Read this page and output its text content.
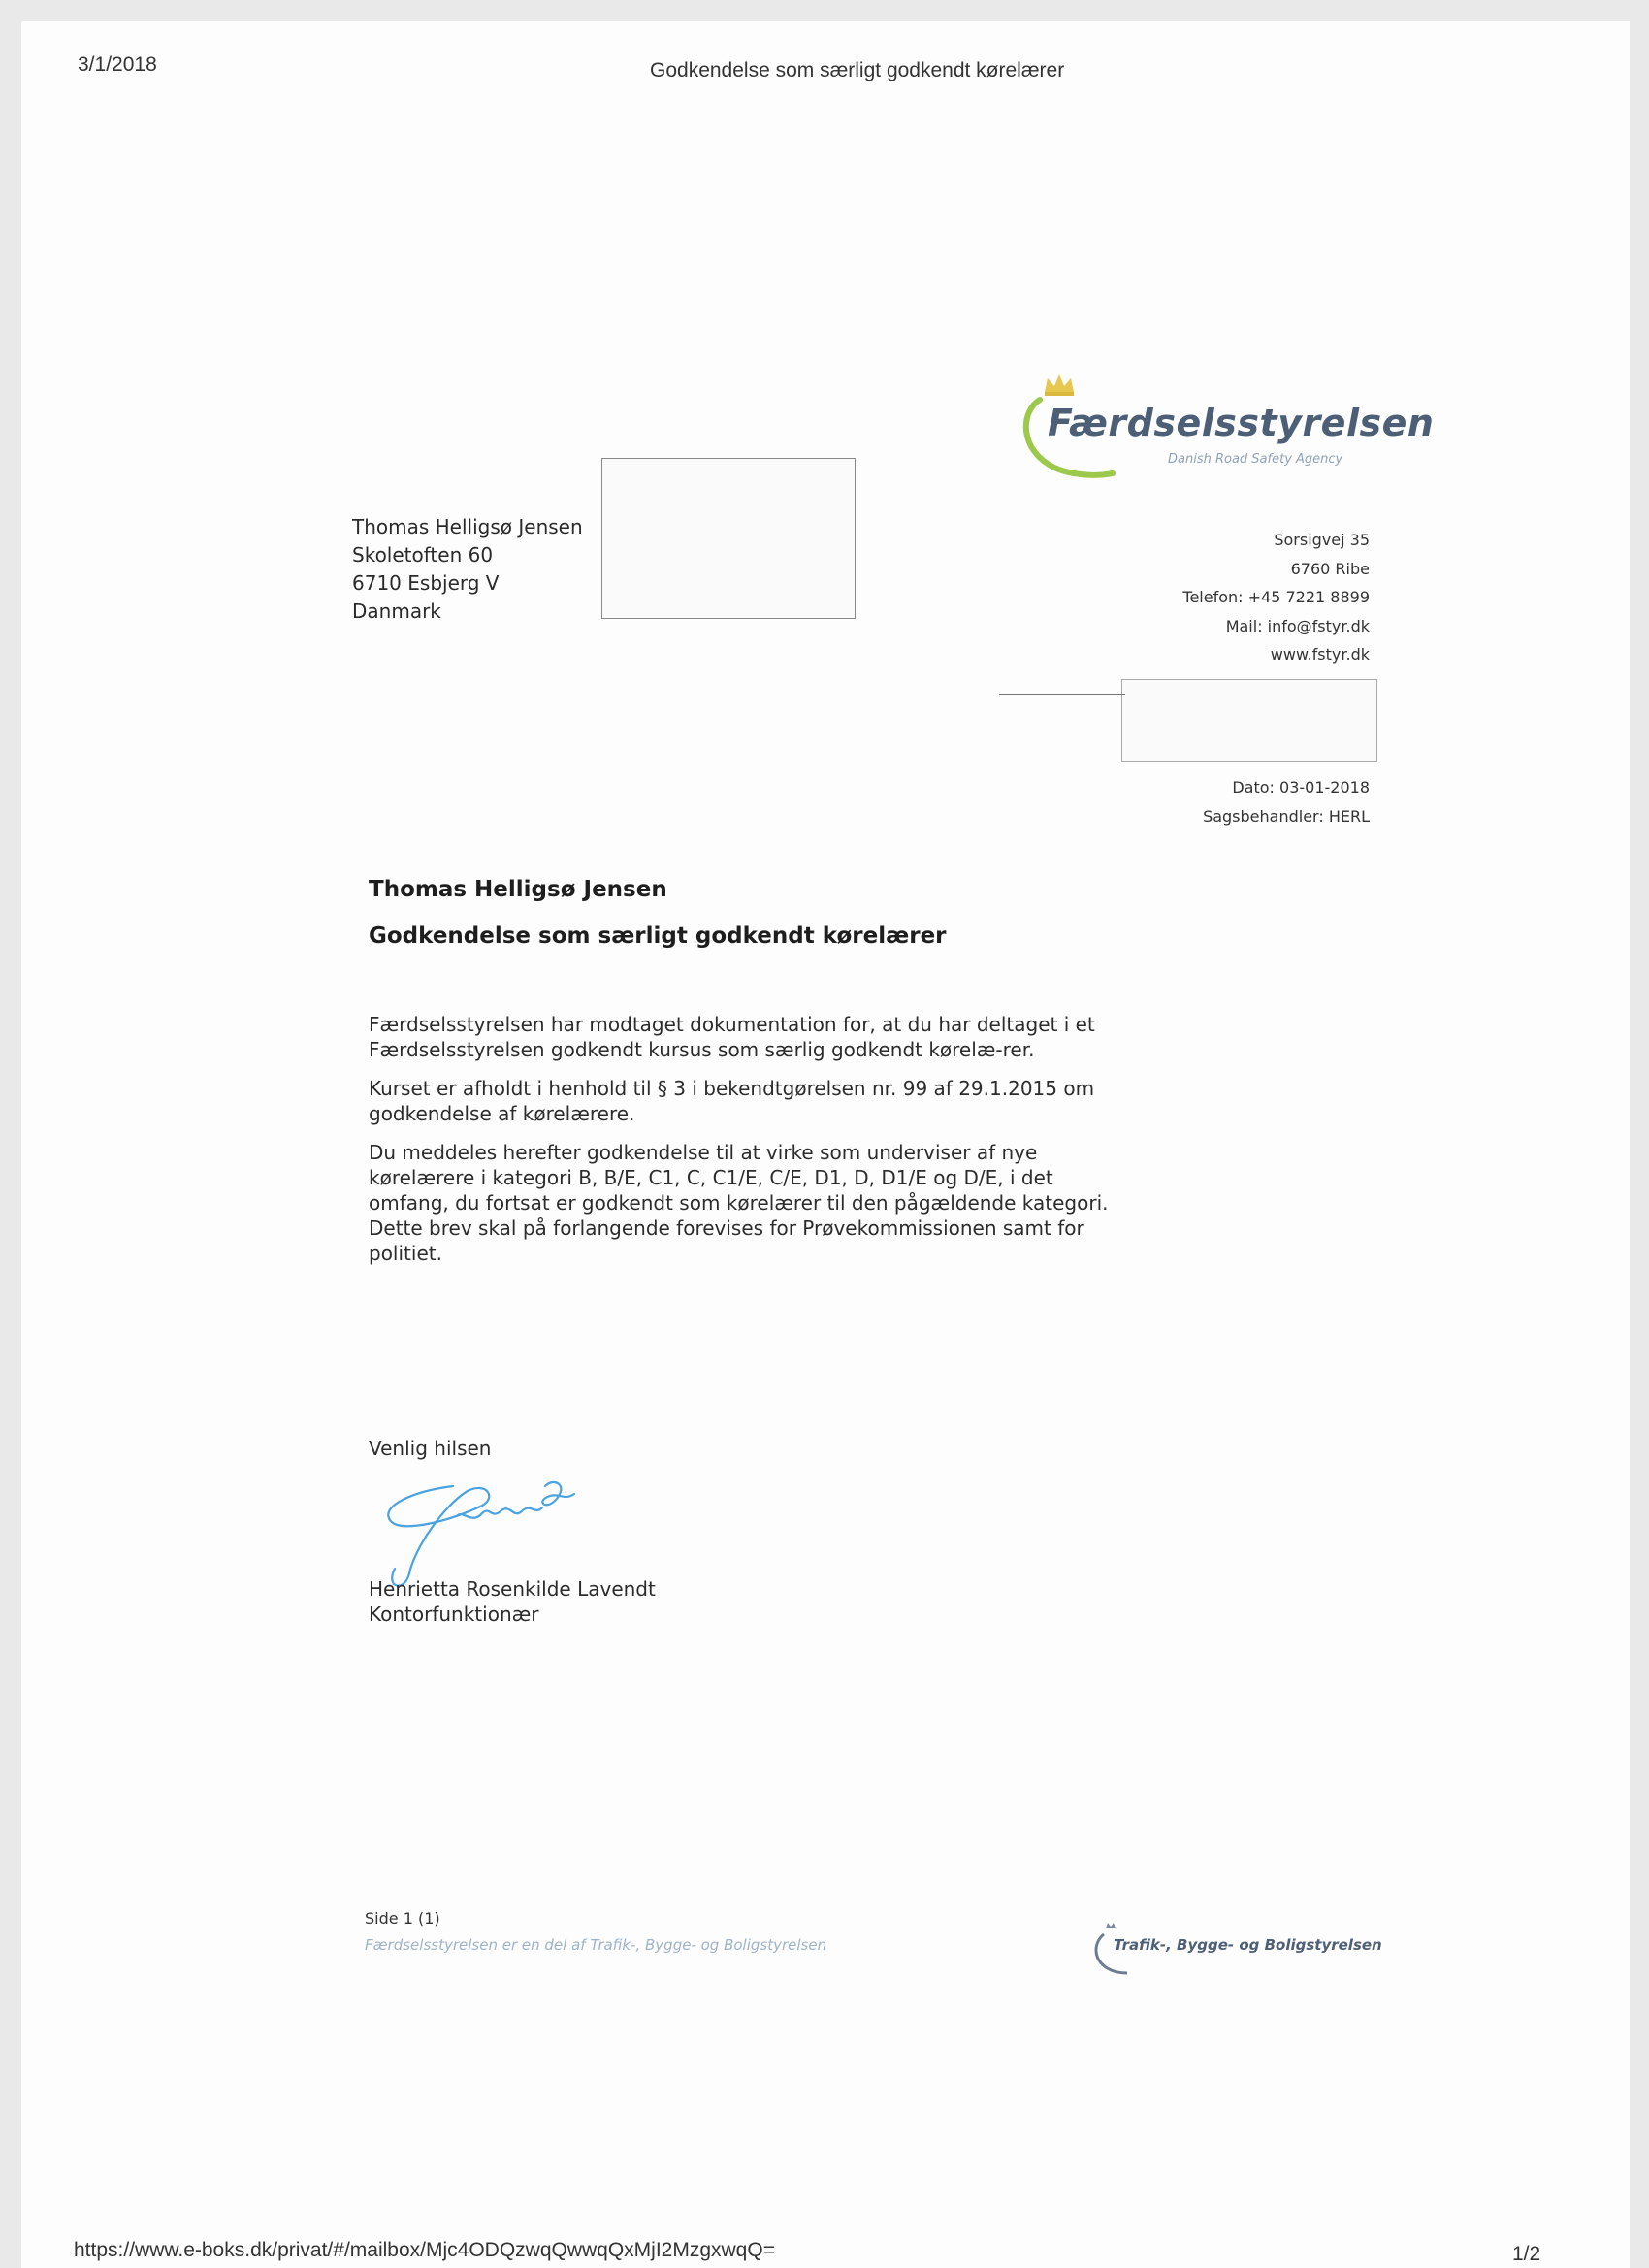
3/1/2018	Godkendelse som særligt godkendt kørelærer
Færdselsstyrelsen
Danish Road Safety Agency
Thomas Helligsø Jensen
Skoletoften 60
6710 Esbjerg V
Danmark
Sorsigvej 35
6760 Ribe
Telefon: +45 7221 8899
Mail: info@fstyr.dk
www.fstyr.dk
Dato: 03-01-2018
Sagsbehandler: HERL
Thomas Helligsø Jensen
Godkendelse som særligt godkendt kørelærer

Færdselsstyrelsen har modtaget dokumentation for, at du har deltaget i et Færdselsstyrelsen godkendt kursus som særlig godkendt kørelæ-rer.

Kurset er afholdt i henhold til § 3 i bekendtgørelsen nr. 99 af 29.1.2015 om godkendelse af kørelærere.

Du meddeles herefter godkendelse til at virke som underviser af nye kørelærere i kategori B, B/E, C1, C, C1/E, C/E, D1, D, D1/E og D/E, i det omfang, du fortsat er godkendt som kørelærer til den pågældende kategori. Dette brev skal på forlangende forevises for Prøvekommissionen samt for politiet.

Venlig hilsen
Henrietta Rosenkilde Lavendt
Kontorfunktionær
Side 1 (1)
Færdselsstyrelsen er en del af Trafik-, Bygge- og Boligstyrelsen	Trafik-, Bygge- og Boligstyrelsen
https://www.e-boks.dk/privat/#/mailbox/Mjc4ODQzwqQwwqQxMjI2MzgxwqQ=	1/2
